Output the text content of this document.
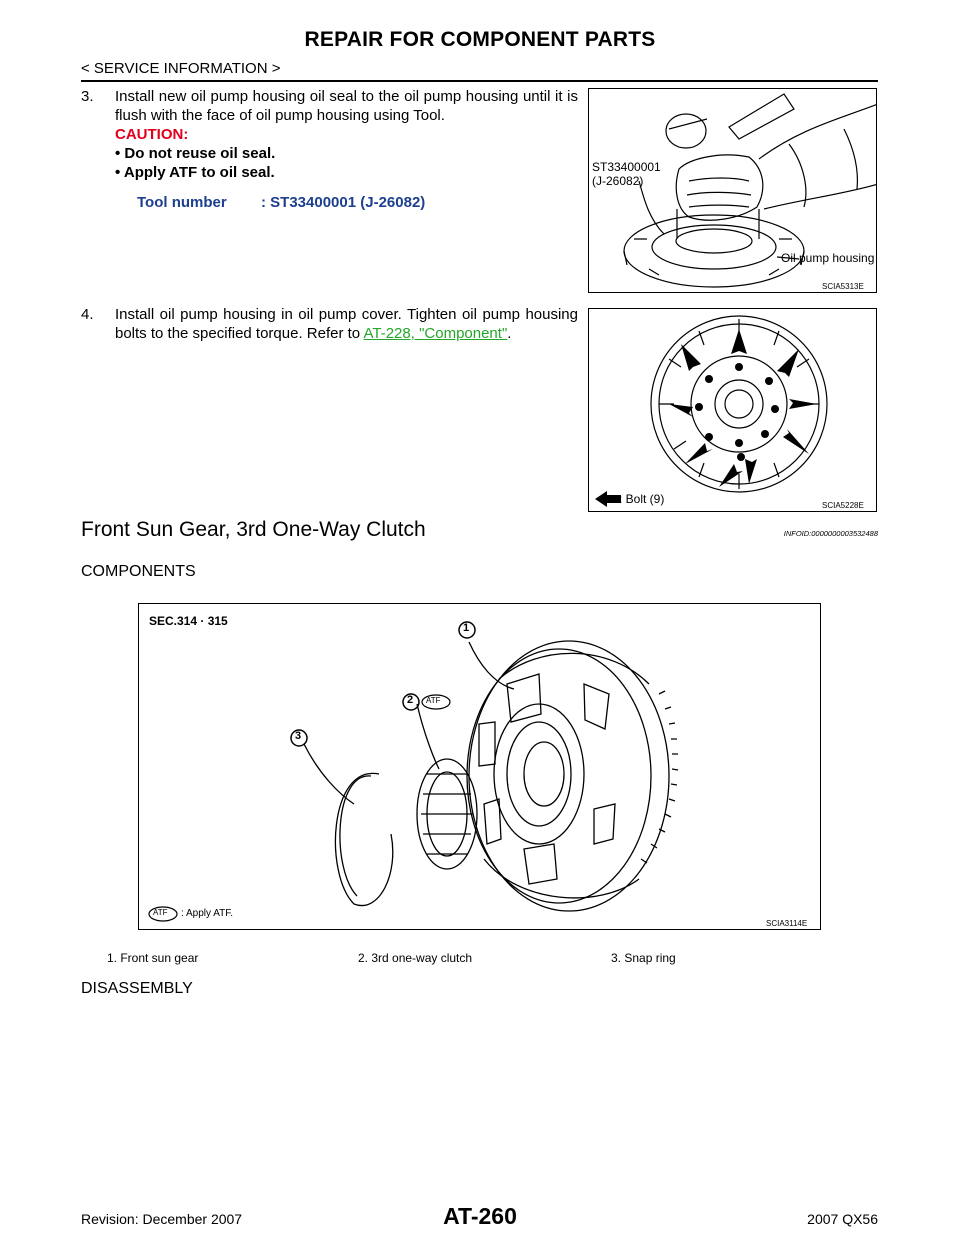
REPAIR FOR COMPONENT PARTS
< SERVICE INFORMATION >
3. Install new oil pump housing oil seal to the oil pump housing until it is flush with the face of oil pump housing using Tool.
CAUTION:
• Do not reuse oil seal.
• Apply ATF to oil seal.
Tool number : ST33400001 (J-26082)
SCIA5313E
ST33400001
(J-26082)
Oil pump housing
4. Install oil pump housing in oil pump cover. Tighten oil pump housing bolts to the specified torque. Refer to AT-228, "Component".
: Bolt (9)	SCIA5228E
Front Sun Gear, 3rd One-Way Clutch	INFOID:0000000003532488
COMPONENTS
SEC.314 · 315	1
2
3
ATF
ATF : Apply ATF.
SCIA3114E
1. Front sun gear	2. 3rd one-way clutch	3. Snap ring
DISASSEMBLY
Revision: December 2007	AT-260	2007 QX56
